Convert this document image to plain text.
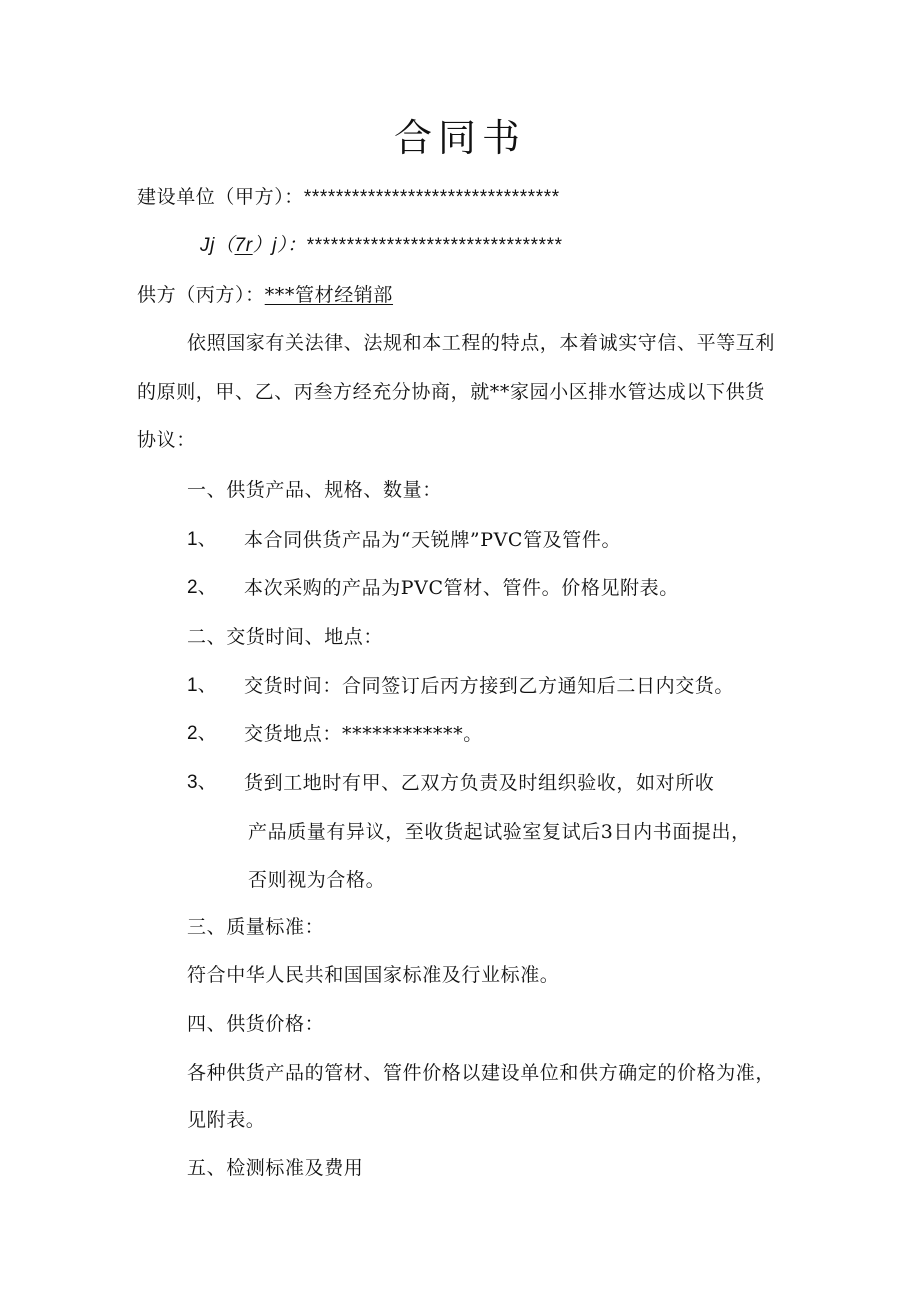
合同书
建设单位（甲方）：********************************
Jj（7r）j）：********************************
供方（丙方）：***管材经销部
依照国家有关法律、法规和本工程的特点，本着诚实守信、平等互利
的原则，甲、乙、丙叁方经充分协商，就**家园小区排水管达成以下供货
协议：
一、供货产品、规格、数量：
1、 本合同供货产品为“天锐牌”PVC管及管件。
2、 本次采购的产品为PVC管材、管件。价格见附表。
二、交货时间、地点：
1、 交货时间：合同签订后丙方接到乙方通知后二日内交货。
2、 交货地点：************。
3、 货到工地时有甲、乙双方负责及时组织验收，如对所收
产品质量有异议，至收货起试验室复试后3日内书面提出，
否则视为合格。
三、质量标准：
符合中华人民共和国国家标准及行业标准。
四、供货价格：
各种供货产品的管材、管件价格以建设单位和供方确定的价格为准，
见附表。
五、检测标准及费用
